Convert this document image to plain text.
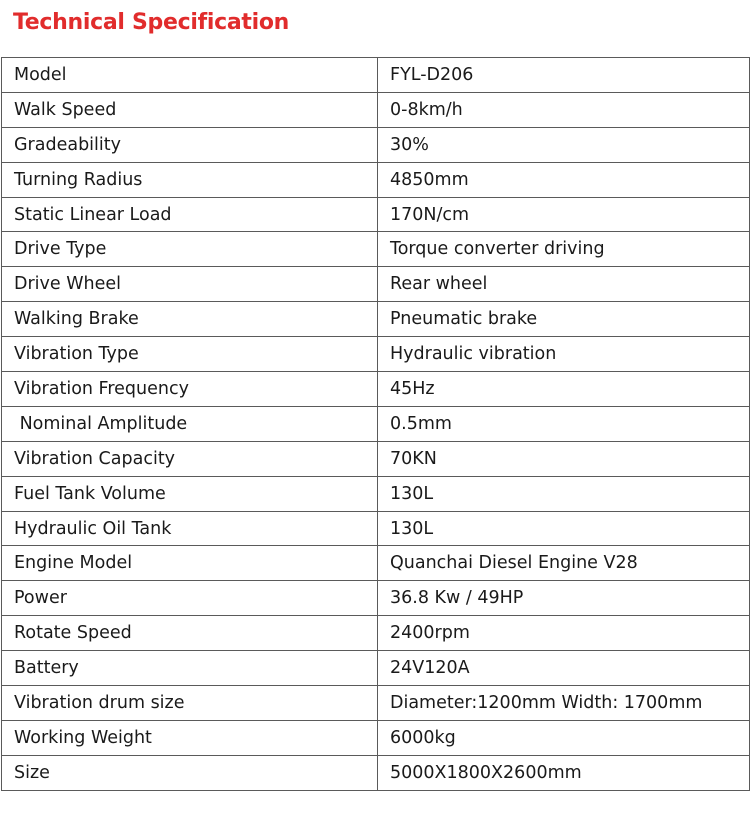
Technical Specification
Model	FYL-D206
Walk Speed	0-8km/h
Gradeability	30%
Turning Radius	4850mm
Static Linear Load	170N/cm
Drive Type	Torque converter driving
Drive Wheel	Rear wheel
Walking Brake	Pneumatic brake
Vibration Type	Hydraulic vibration
Vibration Frequency	45Hz
Nominal Amplitude	0.5mm
Vibration Capacity	70KN
Fuel Tank Volume	130L
Hydraulic Oil Tank	130L
Engine Model	Quanchai Diesel Engine V28
Power	36.8 Kw / 49HP
Rotate Speed	2400rpm
Battery	24V120A
Vibration drum size	Diameter:1200mm Width: 1700mm
Working Weight	6000kg
Size	5000X1800X2600mm
